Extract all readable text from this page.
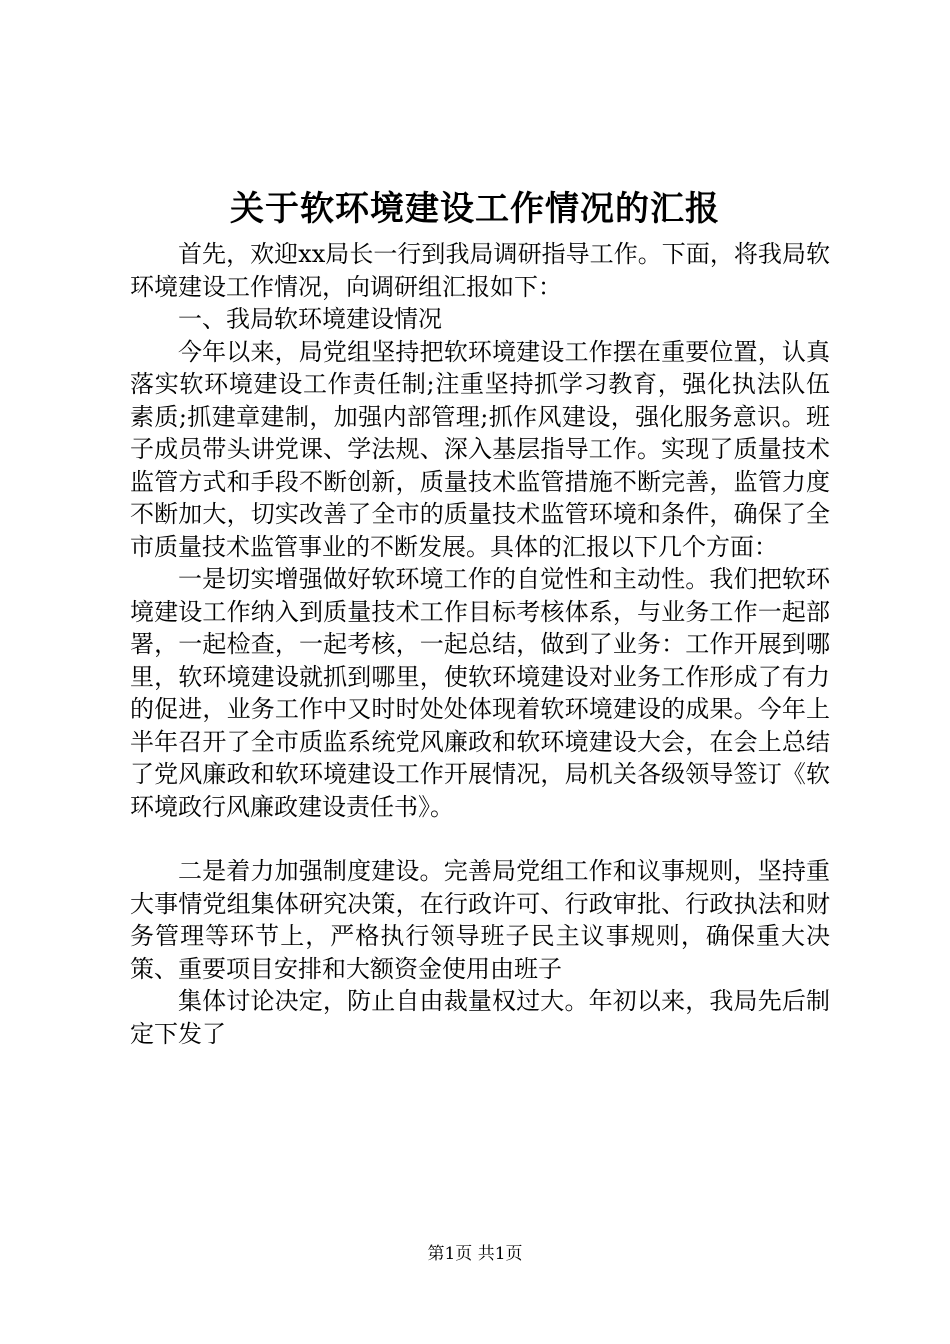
关于软环境建设工作情况的汇报

首先，欢迎xx局长一行到我局调研指导工作。下面，将我局软环境建设工作情况，向调研组汇报如下：

一、我局软环境建设情况

今年以来，局党组坚持把软环境建设工作摆在重要位置，认真落实软环境建设工作责任制;注重坚持抓学习教育，强化执法队伍素质;抓建章建制，加强内部管理;抓作风建设，强化服务意识。班子成员带头讲党课、学法规、深入基层指导工作。实现了质量技术监管方式和手段不断创新，质量技术监管措施不断完善，监管力度不断加大，切实改善了全市的质量技术监管环境和条件，确保了全市质量技术监管事业的不断发展。具体的汇报以下几个方面：

一是切实增强做好软环境工作的自觉性和主动性。我们把软环境建设工作纳入到质量技术工作目标考核体系，与业务工作一起部署，一起检查，一起考核，一起总结，做到了业务：工作开展到哪里，软环境建设就抓到哪里，使软环境建设对业务工作形成了有力的促进，业务工作中又时时处处体现着软环境建设的成果。今年上半年召开了全市质监系统党风廉政和软环境建设大会，在会上总结了党风廉政和软环境建设工作开展情况，局机关各级领导签订《软环境政行风廉政建设责任书》。

二是着力加强制度建设。完善局党组工作和议事规则，坚持重大事情党组集体研究决策，在行政许可、行政审批、行政执法和财务管理等环节上，严格执行领导班子民主议事规则，确保重大决策、重要项目安排和大额资金使用由班子

集体讨论决定，防止自由裁量权过大。年初以来，我局先后制定下发了

第1页 共1页
